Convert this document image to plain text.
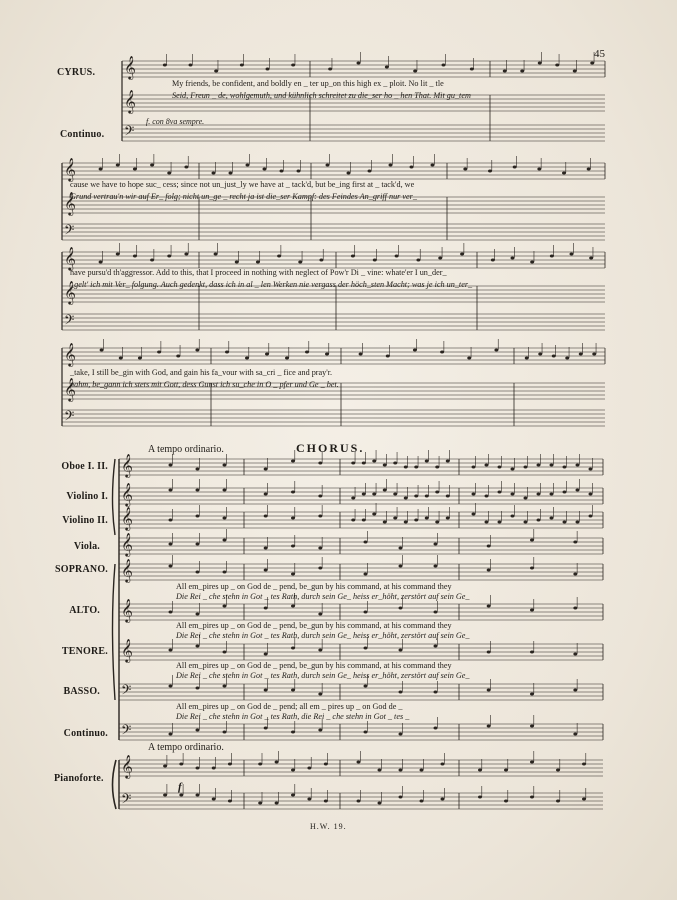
𝄞
𝄞
𝄢
𝄞
𝄞
𝄢
𝄞
𝄞
𝄢
𝄞
𝄞
𝄢
𝄞
𝄞
𝄞
𝄞
𝄞
𝄞
𝄞
𝄢
𝄢
𝄞
𝄢
45
CYRUS.
Continuo.
My friends, be confident, and boldly en _ ter up_on this high ex _ ploit. No lit _ tle
Seid, Freun _ de, wohlgemuth, und kühnlich schreitet zu die_ser ho _ hen That. Mit gu_tem
f. con 8va sempre.
cause we have to hope suc_ cess; since not un_just_ly we have at _ tack'd, but be_ing first at _ tack'd, we
Grund vertrau'n wir auf Er_ folg; nicht un_ge _ recht ja ist die_ser Kampf: des Feindes An_griff nur ver_
have pursu'd th'aggressor. Add to this, that I proceed in nothing with neglect of Pow'r Di _ vine: whate'er I un_der_
_gelt' ich mit Ver_ folgung. Auch gedenkt, dass ich in al _ len Werken nie vergass der höch_sten Macht; was je ich un_ter_
_take, I still be_gin with God, and gain his fa_vour with sa_cri _ fice and pray'r.
nahm, be_gann ich stets mit Gott, dess Gunst ich su_che in O _ pfer und Ge _ bet.
A tempo ordinario.	CHORUS.
Oboe I. II.
Violino I.
Violino II.
Viola.
SOPRANO.
ALTO.
TENORE.
BASSO.
Continuo.
All em_pires up _ on God de _ pend, be_gun by his command, at his command they
Die Rei _ che stehn in Got _ tes Rath, durch sein Ge_ heiss er_höht, zerstört auf sein Ge_
All em_pires up _ on God de _ pend, be_gun by his command, at his command they
Die Rei _ che stehn in Got _ tes Rath, durch sein Ge_ heiss er_höht, zerstört auf sein Ge_
All em_pires up _ on God de _ pend, be_gun by his command, at his command they
Die Rei _ che stehn in Got _ tes Rath, durch sein Ge_ heiss er_höht, zerstört auf sein Ge_
All em_pires up _ on God de _ pend; all em _ pires up _ on God de _
Die Rei _ che stehn in Got _ tes Rath, die Rei _ che stehn in Got _ tes _
A tempo ordinario.
Pianoforte.
f
H.W. 19.
